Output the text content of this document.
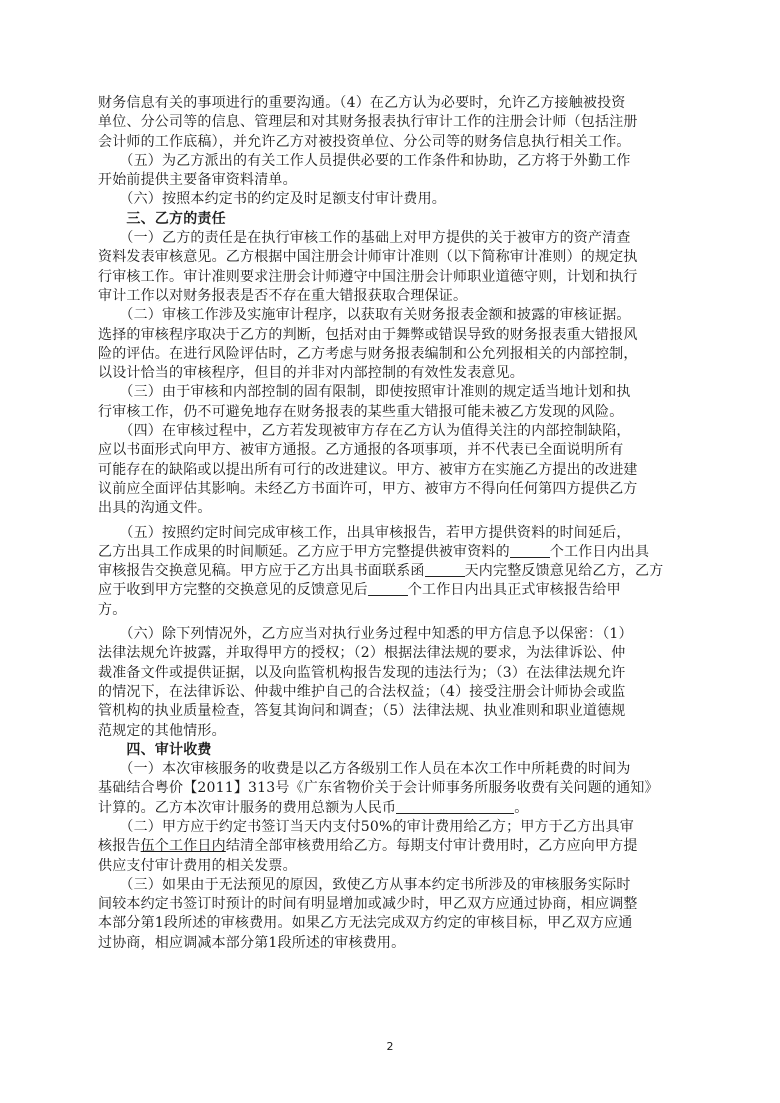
财务信息有关的事项进行的重要沟通。（4）在乙方认为必要时，允许乙方接触被投资
单位、分公司等的信息、管理层和对其财务报表执行审计工作的注册会计师（包括注册
会计师的工作底稿），并允许乙方对被投资单位、分公司等的财务信息执行相关工作。
　　（五）为乙方派出的有关工作人员提供必要的工作条件和协助，乙方将于外勤工作
开始前提供主要备审资料清单。
　　（六）按照本约定书的约定及时足额支付审计费用。
　　三、乙方的责任
　　（一）乙方的责任是在执行审核工作的基础上对甲方提供的关于被审方的资产清查
资料发表审核意见。乙方根据中国注册会计师审计准则（以下简称审计准则）的规定执
行审核工作。审计准则要求注册会计师遵守中国注册会计师职业道德守则，计划和执行
审计工作以对财务报表是否不存在重大错报获取合理保证。
　　（二）审核工作涉及实施审计程序，以获取有关财务报表金额和披露的审核证据。
选择的审核程序取决于乙方的判断，包括对由于舞弊或错误导致的财务报表重大错报风
险的评估。在进行风险评估时，乙方考虑与财务报表编制和公允列报相关的内部控制，
以设计恰当的审核程序，但目的并非对内部控制的有效性发表意见。
　　（三）由于审核和内部控制的固有限制，即使按照审计准则的规定适当地计划和执
行审核工作，仍不可避免地存在财务报表的某些重大错报可能未被乙方发现的风险。
　　（四）在审核过程中，乙方若发现被审方存在乙方认为值得关注的内部控制缺陷，
应以书面形式向甲方、被审方通报。乙方通报的各项事项，并不代表已全面说明所有
可能存在的缺陷或以提出所有可行的改进建议。甲方、被审方在实施乙方提出的改进建
议前应全面评估其影响。未经乙方书面许可，甲方、被审方不得向任何第四方提供乙方
出具的沟通文件。
　　（五）按照约定时间完成审核工作，出具审核报告，若甲方提供资料的时间延后，
乙方出具工作成果的时间顺延。乙方应于甲方完整提供被审资料的	个工作日内出具
审核报告交换意见稿。甲方应于乙方出具书面联系函	天内完整反馈意见给乙方，乙方
应于收到甲方完整的交换意见的反馈意见后	个工作日内出具正式审核报告给甲
方。
　　（六）除下列情况外，乙方应当对执行业务过程中知悉的甲方信息予以保密：（1）
法律法规允许披露，并取得甲方的授权；（2）根据法律法规的要求，为法律诉讼、仲
裁准备文件或提供证据，以及向监管机构报告发现的违法行为；（3）在法律法规允许
的情况下，在法律诉讼、仲裁中维护自己的合法权益；（4）接受注册会计师协会或监
管机构的执业质量检查，答复其询问和调查；（5）法律法规、执业准则和职业道德规
范规定的其他情形。
　　四、审计收费
　　（一）本次审核服务的收费是以乙方各级别工作人员在本次工作中所耗费的时间为
基础结合粤价【2011】313号《广东省物价关于会计师事务所服务收费有关问题的通知》
计算的。乙方本次审计服务的费用总额为人民币	。
　　（二）甲方应于约定书签订当天内支付50%的审计费用给乙方；甲方于乙方出具审
核报告伍个工作日内结清全部审核费用给乙方。每期支付审计费用时，乙方应向甲方提
供应支付审计费用的相关发票。
　　（三）如果由于无法预见的原因，致使乙方从事本约定书所涉及的审核服务实际时
间较本约定书签订时预计的时间有明显增加或减少时，甲乙双方应通过协商，相应调整
本部分第1段所述的审核费用。如果乙方无法完成双方约定的审核目标，甲乙双方应通
过协商，相应调减本部分第1段所述的审核费用。
2
